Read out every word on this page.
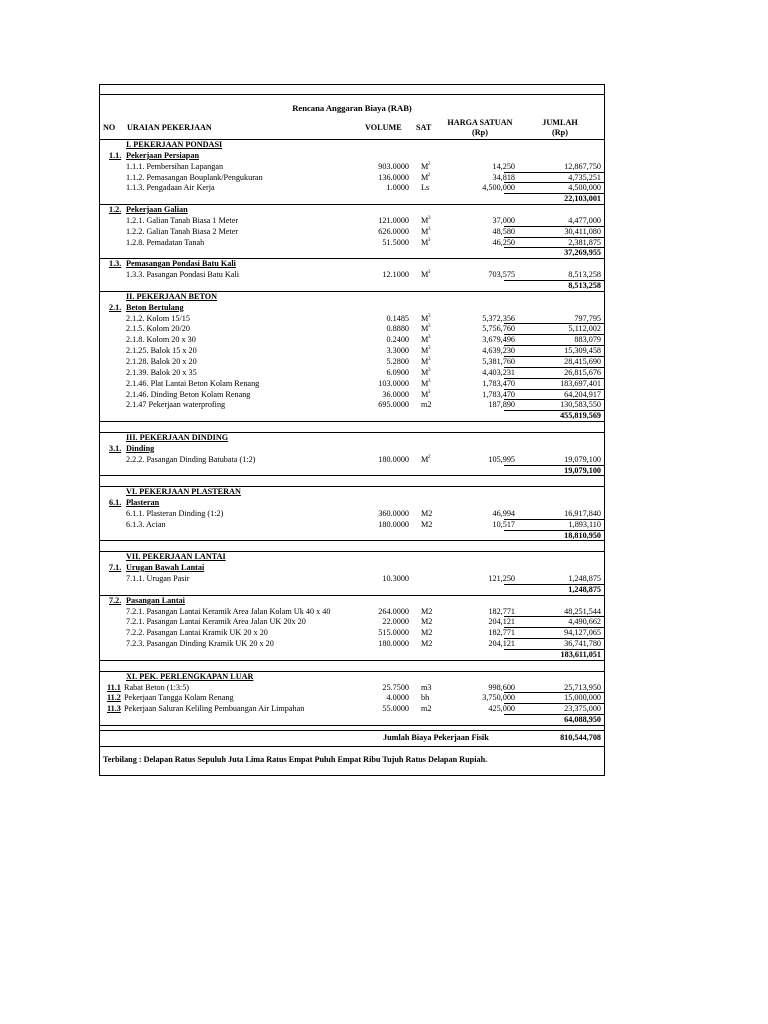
Rencana Anggaran Biaya (RAB)
NO URAIAN PEKERJAAN	VOLUME SAT
HARGA SATUAN
(Rp)
JUMLAH
(Rp)
I. PEKERJAAN PONDASI
1.1. Pekerjaan Persiapan
1.1.1. Pembersihan Lapangan	903.0000 M 2	14,250	12,867,750
1.1.2. Pemasangan Bouplank/Pengukuran	136.0000 M 2	34,818	4,735,251
1.1.3. Pengadaan Air Kerja	1.0000 Ls	4,500,000	4,500,000
22,103,001
1.2. Pekerjaan Galian
1.2.1. Galian Tanah Biasa 1 Meter	121.0000 M 3	37,000	4,477,000
1.2.2. Galian Tanah Biasa 2 Meter	626.0000 M 3	48,580	30,411,080
1.2.8. Pemadatan Tanah	51.5000 M 3	46,250	2,381,875
37,269,955
1.3. Pemasangan Pondasi Batu Kali
1.3.3. Pasangan Pondasi Batu Kali	12.1000 M 3	703,575	8,513,258
8,513,258
II. PEKERJAAN BETON
2.1. Beton Bertulang
2.1.2. Kolom 15/15	0.1485 M 3	5,372,356	797,795
2.1.5. Kolom 20/20	0.8880 M 3	5,756,760	5,112,002
2.1.8. Kolom 20 x 30	0.2400 M 3	3,679,496	883,079
2.1.25. Balok 15 x 20	3.3000 M 3	4,639,230	15,309,458
2.1.28. Balok 20 x 20	5.2800 M 3	5,381,760	28,415,690
2.1.39. Balok 20 x 35	6.0900 M 3	4,403,231	26,815,676
2.1.46. Plat Lantai Beton Kolam Renang	103.0000 M 3	1,783,470	183,697,401
2.1.46. Dinding Beton Kolam Renang	36.0000 M 3	1,783,470	64,204,917
2.1.47 Pekerjaan waterprofing	695.0000 m2	187,890	130,583,550
455,819,569
III. PEKERJAAN DINDING
3.1. Dinding
2.2.2. Pasangan Dinding Batubata (1:2)	180.0000 M 2	105,995	19,079,100
19,079,100
VI. PEKERJAAN PLASTERAN
6.1. Plasteran
6.1.1. Plasteran Dinding (1:2)	360.0000 M2	46,994	16,917,840
6.1.3. Acian	180.0000 M2	10,517	1,893,110
18,810,950
VII. PEKERJAAN LANTAI
7.1. Urugan Bawah Lantai
7.1.1. Urugan Pasir	10.3000	121,250	1,248,875
1,248,875
7.2. Pasangan Lantai
7.2.1. Pasangan Lantai Keramik Area Jalan Kolam Uk 40 x 40	264.0000 M2	182,771	48,251,544
7.2.1. Pasangan Lantai Keramik Area Jalan UK 20x 20	22.0000 M2	204,121	4,490,662
7.2.2. Pasangan Lantai Kramik UK 20 x 20	515.0000 M2	182,771	94,127,065
7.2.3. Pasangan Dinding Kramik UK 20 x 20	180.0000 M2	204,121	36,741,780
183,611,051
XI. PEK. PERLENGKAPAN LUAR
11.1 Rabat Beton (1:3:5)	25.7500 m3	998,600	25,713,950
11.2 Pekerjaan Tangga Kolam Renang	4.0000 bh	3,750,000	15,000,000
11.3 Pekerjaan Saluran Keliling Pembuangan Air Limpahan	55.0000 m2	425,000	23,375,000
64,088,950
Jumlah Biaya Pekerjaan Fisik	810,544,708
Terbilang : Delapan Ratus Sepuluh Juta Lima Ratus Empat Puluh Empat Ribu Tujuh Ratus Delapan Rupiah.
